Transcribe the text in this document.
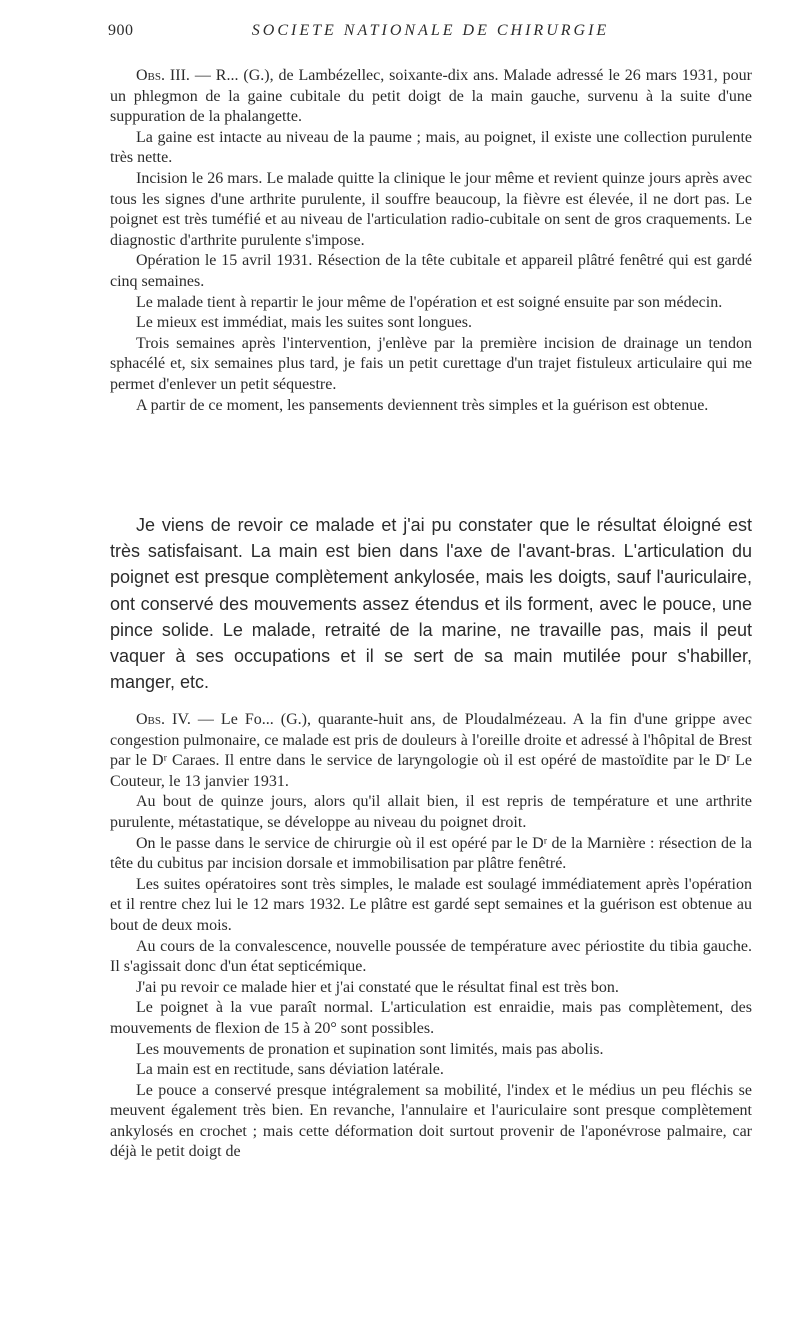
900	SOCIETE NATIONALE DE CHIRURGIE

Obs. III. — R... (G.), de Lambézellec, soixante-dix ans. Malade adressé le 26 mars 1931, pour un phlegmon de la gaine cubitale du petit doigt de la main gauche, survenu à la suite d'une suppuration de la phalangette.

La gaine est intacte au niveau de la paume ; mais, au poignet, il existe une collection purulente très nette.

Incision le 26 mars. Le malade quitte la clinique le jour même et revient quinze jours après avec tous les signes d'une arthrite purulente, il souffre beaucoup, la fièvre est élevée, il ne dort pas. Le poignet est très tuméfié et au niveau de l'articulation radio-cubitale on sent de gros craquements. Le diagnostic d'arthrite purulente s'impose.

Opération le 15 avril 1931. Résection de la tête cubitale et appareil plâtré fenêtré qui est gardé cinq semaines.

Le malade tient à repartir le jour même de l'opération et est soigné ensuite par son médecin.

Le mieux est immédiat, mais les suites sont longues.

Trois semaines après l'intervention, j'enlève par la première incision de drainage un tendon sphacélé et, six semaines plus tard, je fais un petit curettage d'un trajet fistuleux articulaire qui me permet d'enlever un petit séquestre.

A partir de ce moment, les pansements deviennent très simples et la guérison est obtenue.

Je viens de revoir ce malade et j'ai pu constater que le résultat éloigné est très satisfaisant. La main est bien dans l'axe de l'avant-bras. L'articulation du poignet est presque complètement ankylosée, mais les doigts, sauf l'auriculaire, ont conservé des mouvements assez étendus et ils forment, avec le pouce, une pince solide. Le malade, retraité de la marine, ne travaille pas, mais il peut vaquer à ses occupations et il se sert de sa main mutilée pour s'habiller, manger, etc.

Obs. IV. — Le Fo... (G.), quarante-huit ans, de Ploudalmézeau. A la fin d'une grippe avec congestion pulmonaire, ce malade est pris de douleurs à l'oreille droite et adressé à l'hôpital de Brest par le Dʳ Caraes. Il entre dans le service de laryngologie où il est opéré de mastoïdite par le Dʳ Le Couteur, le 13 janvier 1931.

Au bout de quinze jours, alors qu'il allait bien, il est repris de température et une arthrite purulente, métastatique, se développe au niveau du poignet droit.

On le passe dans le service de chirurgie où il est opéré par le Dʳ de la Marnière : résection de la tête du cubitus par incision dorsale et immobilisation par plâtre fenêtré.

Les suites opératoires sont très simples, le malade est soulagé immédiatement après l'opération et il rentre chez lui le 12 mars 1932. Le plâtre est gardé sept semaines et la guérison est obtenue au bout de deux mois.

Au cours de la convalescence, nouvelle poussée de température avec périostite du tibia gauche. Il s'agissait donc d'un état septicémique.

J'ai pu revoir ce malade hier et j'ai constaté que le résultat final est très bon.

Le poignet à la vue paraît normal. L'articulation est enraidie, mais pas complètement, des mouvements de flexion de 15 à 20° sont possibles.

Les mouvements de pronation et supination sont limités, mais pas abolis.

La main est en rectitude, sans déviation latérale.

Le pouce a conservé presque intégralement sa mobilité, l'index et le médius un peu fléchis se meuvent également très bien. En revanche, l'annulaire et l'auriculaire sont presque complètement ankylosés en crochet ; mais cette déformation doit surtout provenir de l'aponévrose palmaire, car déjà le petit doigt de
